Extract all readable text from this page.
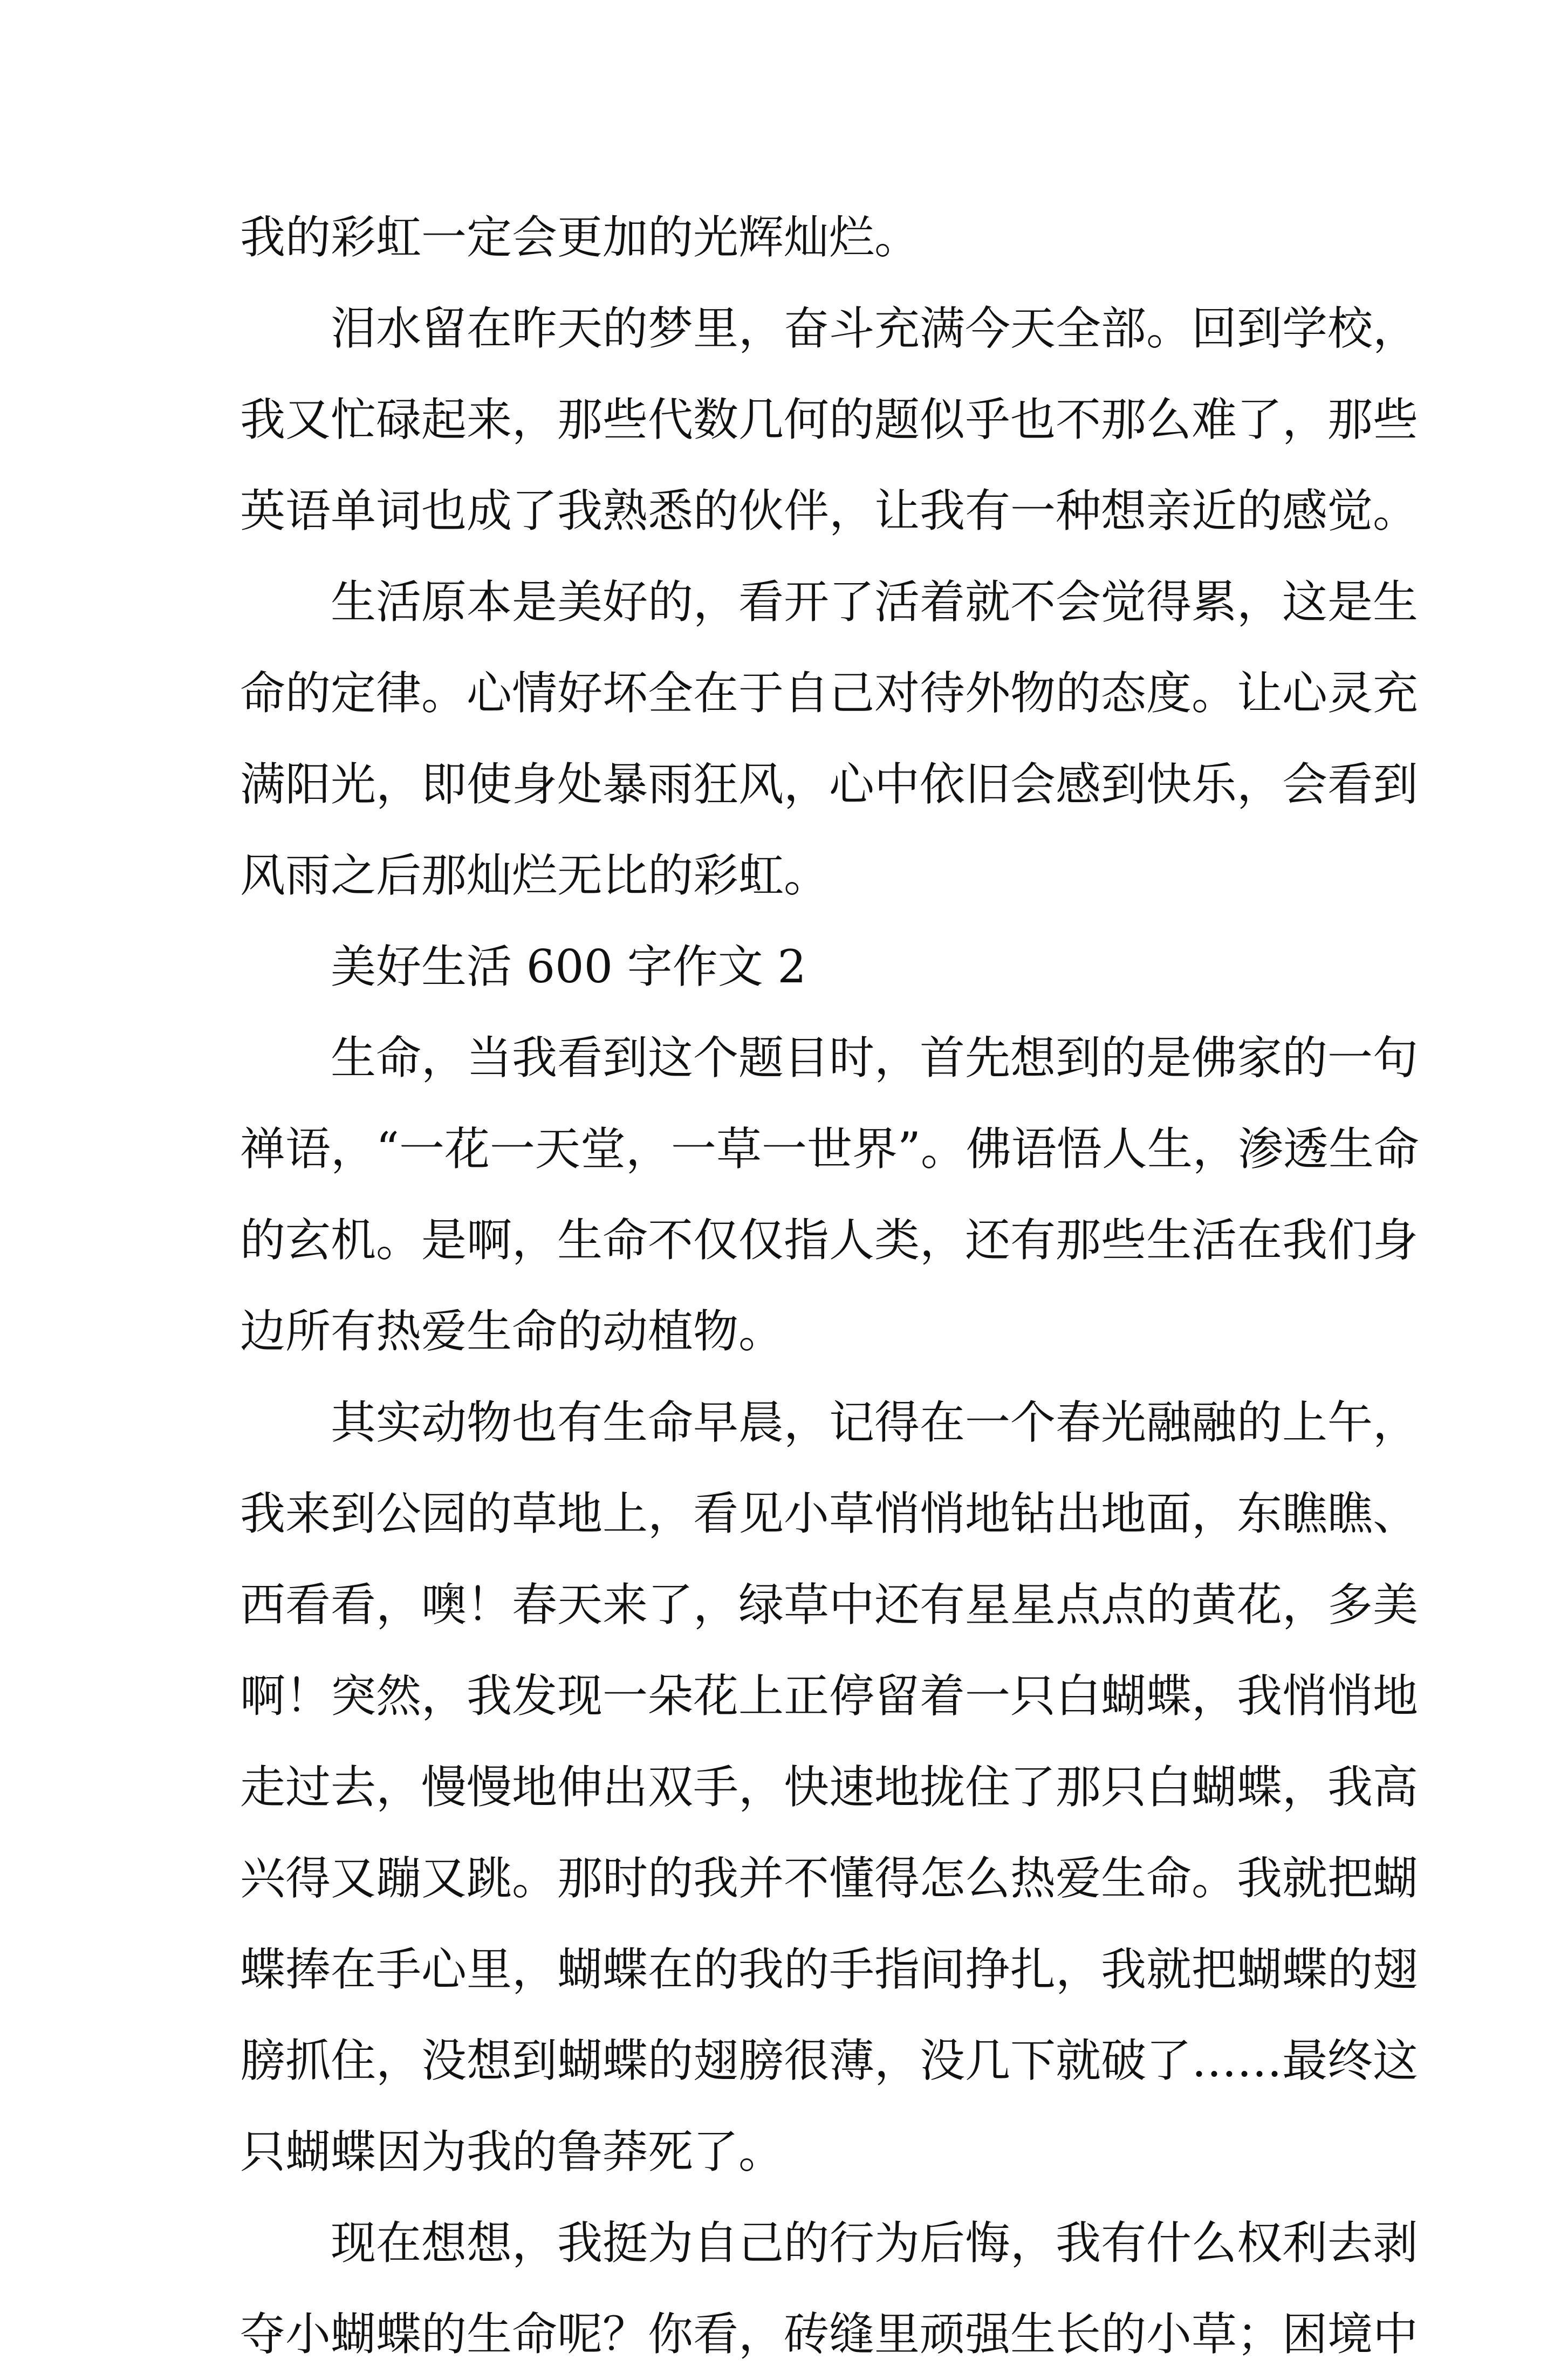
我的彩虹一定会更加的光辉灿烂。
泪水留在昨天的梦里，奋斗充满今天全部。回到学校，
我又忙碌起来，那些代数几何的题似乎也不那么难了，那些
英语单词也成了我熟悉的伙伴，让我有一种想亲近的感觉。
生活原本是美好的，看开了活着就不会觉得累，这是生
命的定律。心情好坏全在于自己对待外物的态度。让心灵充
满阳光，即使身处暴雨狂风，心中依旧会感到快乐，会看到
风雨之后那灿烂无比的彩虹。
美好生活 600 字作文 2
生命，当我看到这个题目时，首先想到的是佛家的一句
禅语，“一花一天堂，一草一世界”。佛语悟人生，渗透生命
的玄机。是啊，生命不仅仅指人类，还有那些生活在我们身
边所有热爱生命的动植物。
其实动物也有生命早晨，记得在一个春光融融的上午，
我来到公园的草地上，看见小草悄悄地钻出地面，东瞧瞧、
西看看，噢！春天来了，绿草中还有星星点点的黄花，多美
啊！突然，我发现一朵花上正停留着一只白蝴蝶，我悄悄地
走过去，慢慢地伸出双手，快速地拢住了那只白蝴蝶，我高
兴得又蹦又跳。那时的我并不懂得怎么热爱生命。我就把蝴
蝶捧在手心里，蝴蝶在的我的手指间挣扎，我就把蝴蝶的翅
膀抓住，没想到蝴蝶的翅膀很薄，没几下就破了……最终这
只蝴蝶因为我的鲁莽死了。
现在想想，我挺为自己的行为后悔，我有什么权利去剥
夺小蝴蝶的生命呢？你看，砖缝里顽强生长的小草；困境中
